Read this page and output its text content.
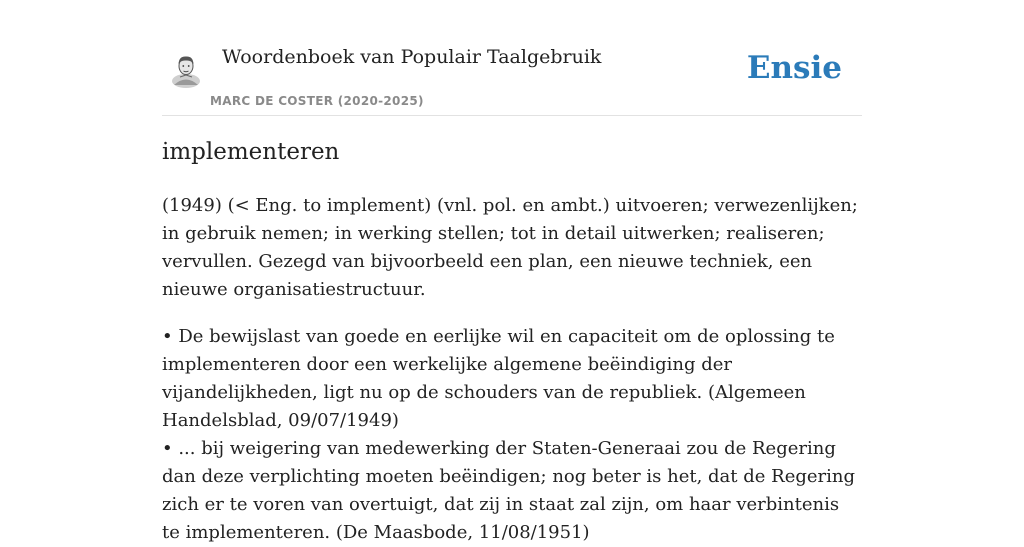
Woordenboek van Populair Taalgebruik
MARC DE COSTER (2020-2025)
Ensie
implementeren

(1949) (< Eng. to implement) (vnl. pol. en ambt.) uitvoeren; verwezenlijken; in gebruik nemen; in werking stellen; tot in detail uitwerken; realiseren; vervullen. Gezegd van bijvoorbeeld een plan, een nieuwe techniek, een nieuwe organisatiestructuur.

• De bewijslast van goede en eerlijke wil en capaciteit om de oplossing te implementeren door een werkelijke algemene beëindiging der vijandelijkheden, ligt nu op de schouders van de republiek. (Algemeen Handelsblad, 09/07/1949)
• ... bij weigering van medewerking der Staten-Generaai zou de Regering dan deze verplichting moeten beëindigen; nog beter is het, dat de Regering zich er te voren van overtuigt, dat zij in staat zal zijn, om haar verbintenis te implementeren. (De Maasbode, 11/08/1951)
